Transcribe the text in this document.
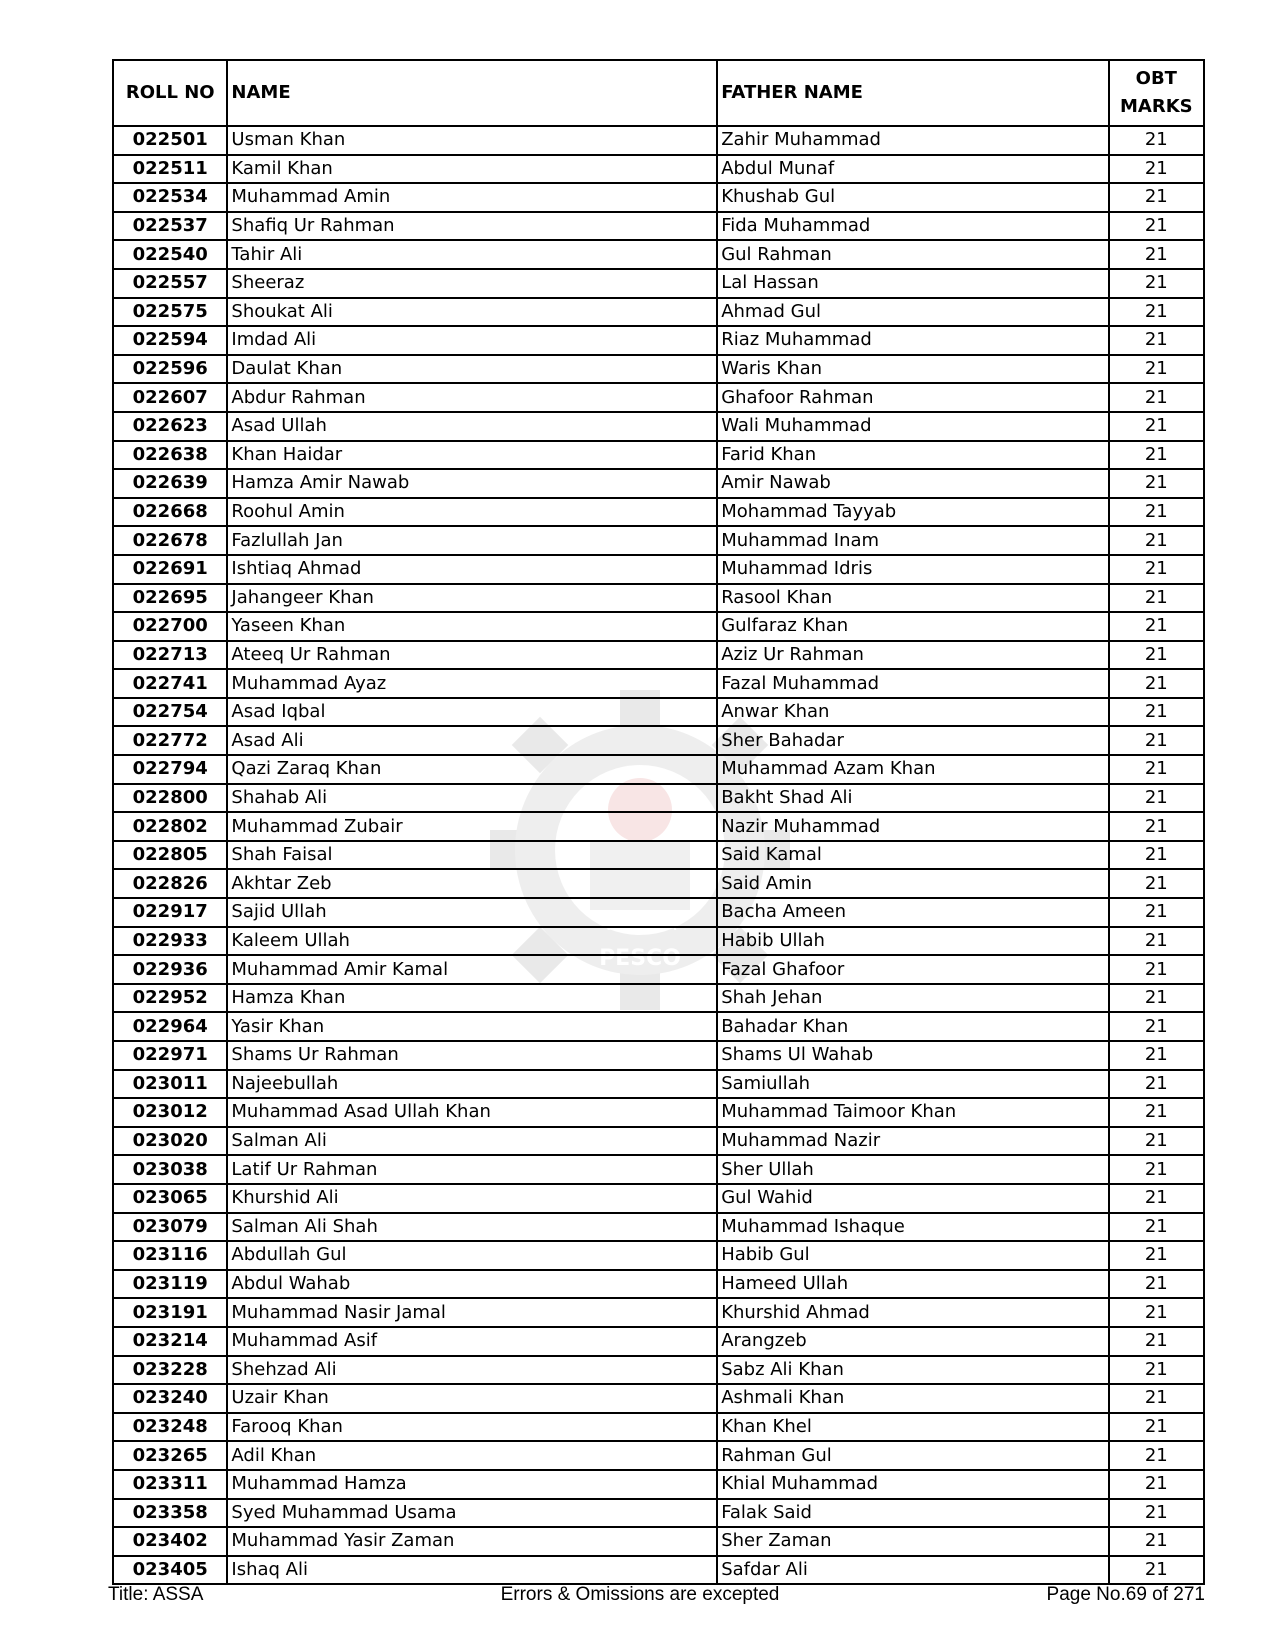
WAPDA
PESCO
ROLL NO	NAME	FATHER NAME	OBT
MARKS
022501	Usman Khan	Zahir Muhammad	21
022511	Kamil Khan	Abdul Munaf	21
022534	Muhammad Amin	Khushab Gul	21
022537	Shafiq Ur Rahman	Fida Muhammad	21
022540	Tahir Ali	Gul Rahman	21
022557	Sheeraz	Lal Hassan	21
022575	Shoukat Ali	Ahmad Gul	21
022594	Imdad Ali	Riaz Muhammad	21
022596	Daulat Khan	Waris Khan	21
022607	Abdur Rahman	Ghafoor Rahman	21
022623	Asad Ullah	Wali Muhammad	21
022638	Khan Haidar	Farid Khan	21
022639	Hamza Amir Nawab	Amir Nawab	21
022668	Roohul Amin	Mohammad Tayyab	21
022678	Fazlullah Jan	Muhammad Inam	21
022691	Ishtiaq Ahmad	Muhammad Idris	21
022695	Jahangeer Khan	Rasool Khan	21
022700	Yaseen Khan	Gulfaraz Khan	21
022713	Ateeq Ur Rahman	Aziz Ur Rahman	21
022741	Muhammad Ayaz	Fazal Muhammad	21
022754	Asad Iqbal	Anwar Khan	21
022772	Asad Ali	Sher Bahadar	21
022794	Qazi Zaraq Khan	Muhammad Azam Khan	21
022800	Shahab Ali	Bakht Shad Ali	21
022802	Muhammad Zubair	Nazir Muhammad	21
022805	Shah Faisal	Said Kamal	21
022826	Akhtar Zeb	Said Amin	21
022917	Sajid Ullah	Bacha Ameen	21
022933	Kaleem Ullah	Habib Ullah	21
022936	Muhammad Amir Kamal	Fazal Ghafoor	21
022952	Hamza Khan	Shah Jehan	21
022964	Yasir Khan	Bahadar Khan	21
022971	Shams Ur Rahman	Shams Ul Wahab	21
023011	Najeebullah	Samiullah	21
023012	Muhammad Asad Ullah Khan	Muhammad Taimoor Khan	21
023020	Salman Ali	Muhammad Nazir	21
023038	Latif Ur Rahman	Sher Ullah	21
023065	Khurshid Ali	Gul Wahid	21
023079	Salman Ali Shah	Muhammad Ishaque	21
023116	Abdullah Gul	Habib Gul	21
023119	Abdul Wahab	Hameed Ullah	21
023191	Muhammad Nasir Jamal	Khurshid Ahmad	21
023214	Muhammad Asif	Arangzeb	21
023228	Shehzad Ali	Sabz Ali Khan	21
023240	Uzair Khan	Ashmali Khan	21
023248	Farooq Khan	Khan Khel	21
023265	Adil Khan	Rahman Gul	21
023311	Muhammad Hamza	Khial Muhammad	21
023358	Syed Muhammad Usama	Falak Said	21
023402	Muhammad Yasir Zaman	Sher Zaman	21
023405	Ishaq Ali	Safdar Ali	21
Title: ASSA	Errors & Omissions are excepted	Page No.69 of 271
